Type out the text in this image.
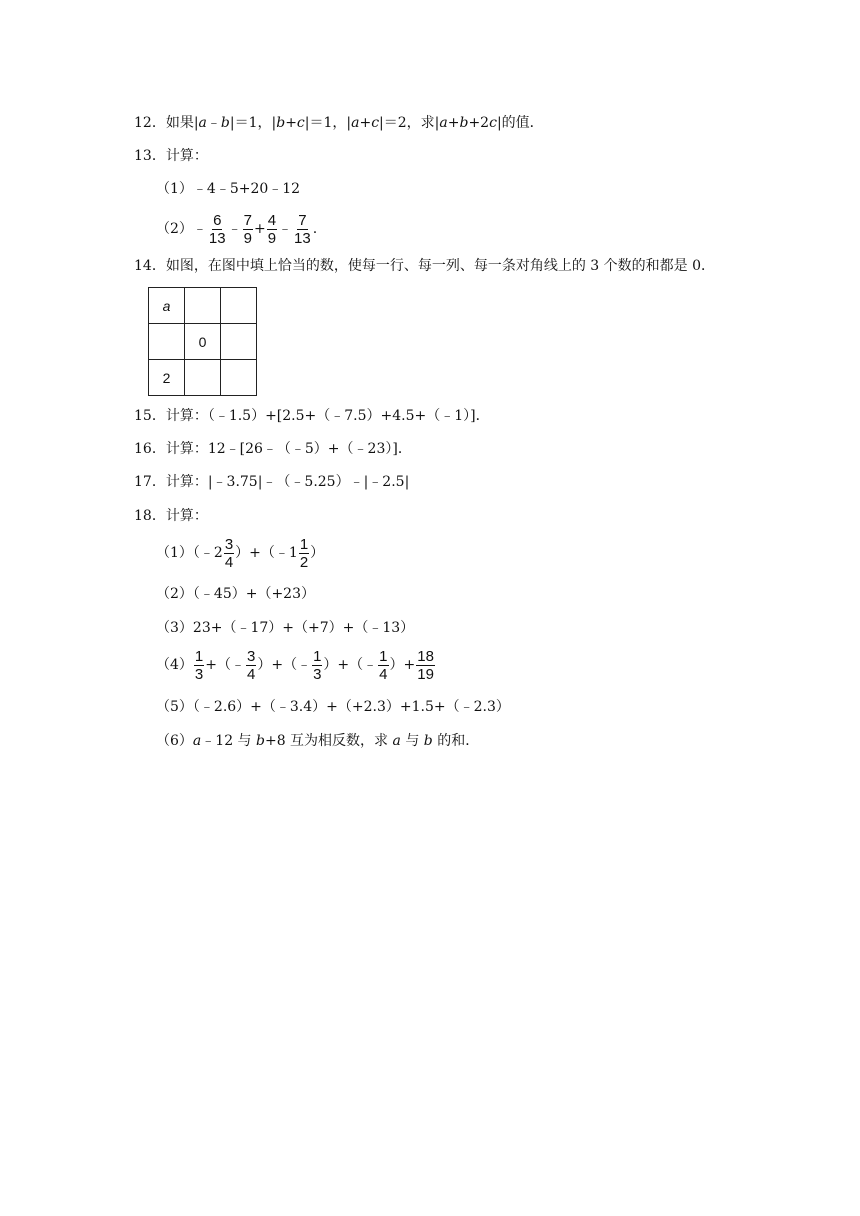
12．如果|a﹣b|＝1，|b+c|＝1，|a+c|＝2，求|a+b+2c|的值．
13．计算：
（1）﹣4﹣5+20﹣12
（2）﹣ $\frac{6}{13}$ ﹣ $\frac{7}{9} + \frac{4}{9}$ ﹣ $\frac{7}{13}$ .
14．如图，在图中填上恰当的数，使每一行、每一列、每一条对角线上的 3 个数的和都是 0．
a		
	0	
2		
15．计算：（﹣1.5）+[2.5+（﹣7.5）+4.5+（﹣1）]．
16．计算：12﹣[26﹣（﹣5）+（﹣23）]．
17．计算：|﹣3.75|﹣（﹣5.25）﹣|﹣2.5|
18．计算：
（1）（﹣2 $\frac{3}{4}$ ）+（﹣1 $\frac{1}{2}$ ）
（2）（﹣45）+（+23）
（3）23+（﹣17）+（+7）+（﹣13）
$(4) \frac{1}{3}$ +（﹣ $\frac{3}{4}$ ）+（﹣ $\frac{1}{3}$ ）+（﹣ $\frac{1}{4}$ ）+ $\frac{18}{19}$
（5）（﹣2.6）+（﹣3.4）+（+2.3）+1.5+（﹣2.3）
（6）a﹣12 与 b+8 互为相反数，求 a 与 b 的和．
